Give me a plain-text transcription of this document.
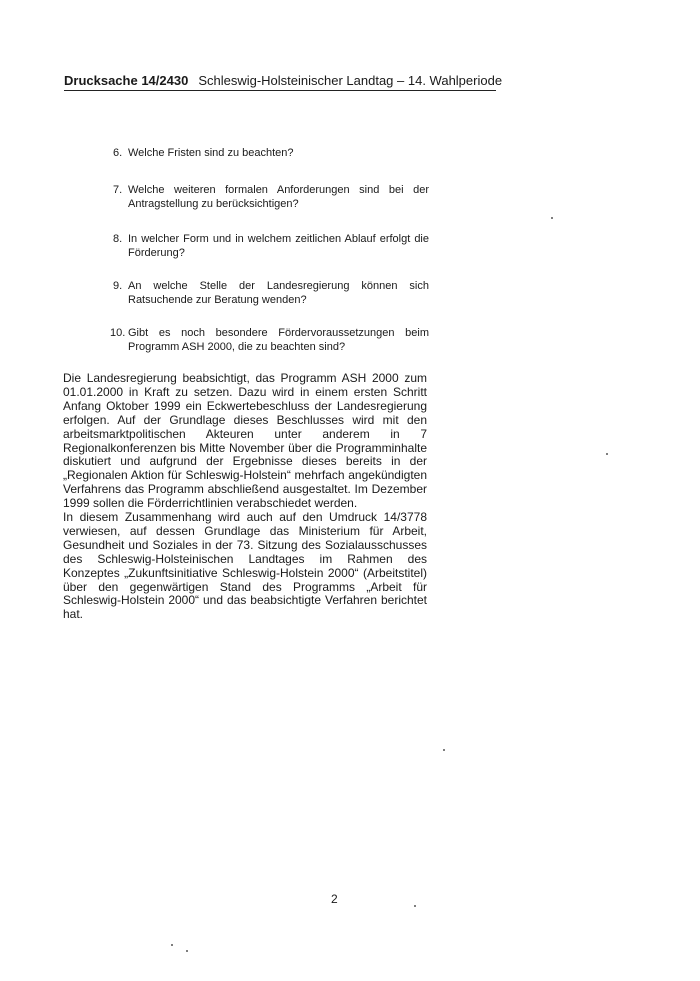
Drucksache 14/2430 Schleswig-Holsteinischer Landtag – 14. Wahlperiode
6. Welche Fristen sind zu beachten?
7. Welche weiteren formalen Anforderungen sind bei der Antragstellung zu berücksichtigen?
8. In welcher Form und in welchem zeitlichen Ablauf erfolgt die Förderung?
9. An welche Stelle der Landesregierung können sich Ratsuchende zur Beratung wenden?
10. Gibt es noch besondere Fördervoraussetzungen beim Programm ASH 2000, die zu beachten sind?

Die Landesregierung beabsichtigt, das Programm ASH 2000 zum 01.01.2000 in Kraft zu setzen. Dazu wird in einem ersten Schritt Anfang Oktober 1999 ein Eckwertebeschluss der Landesregierung erfolgen. Auf der Grundlage dieses Beschlusses wird mit den arbeitsmarktpolitischen Akteuren unter anderem in 7 Regionalkonferenzen bis Mitte November über die Programminhalte diskutiert und aufgrund der Ergebnisse dieses bereits in der „Regionalen Aktion für Schleswig-Holstein“ mehrfach angekündigten Verfahrens das Programm abschließend ausgestaltet. Im Dezember 1999 sollen die Förderrichtlinien verabschiedet werden.

In diesem Zusammenhang wird auch auf den Umdruck 14/3778 verwiesen, auf dessen Grundlage das Ministerium für Arbeit, Gesundheit und Soziales in der 73. Sitzung des Sozialausschusses des Schleswig-Holsteinischen Landtages im Rahmen des Konzeptes „Zukunftsinitiative Schleswig-Holstein 2000“ (Arbeitstitel) über den gegenwärtigen Stand des Programms „Arbeit für Schleswig-Holstein 2000“ und das beabsichtigte Verfahren berichtet hat.

2
